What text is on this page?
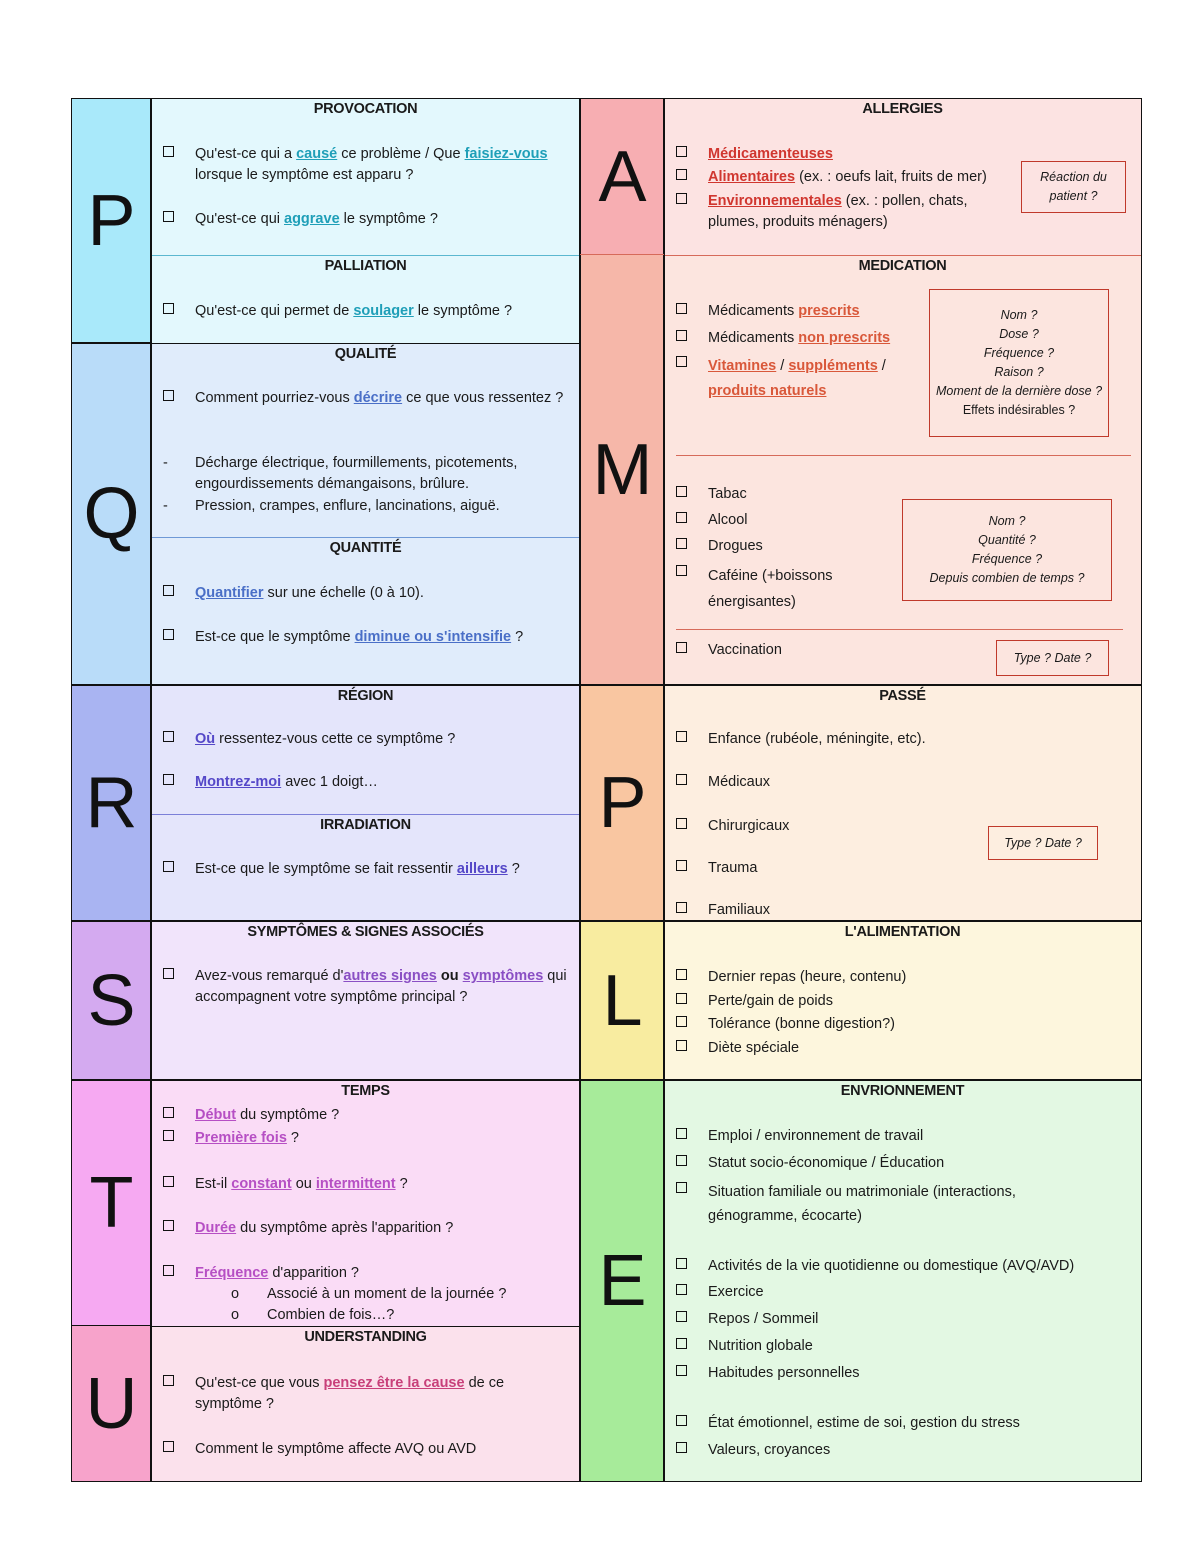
P
PROVOCATION
Qu'est-ce qui a causé ce problème / Que faisiez-vous lorsque le symptôme est apparu ?
Qu'est-ce qui aggrave le symptôme ?
PALLIATION
Qu'est-ce qui permet de soulager le symptôme ?
Q
QUALITÉ
Comment pourriez-vous décrire ce que vous ressentez ?
- Décharge électrique, fourmillements, picotements, engourdissements démangaisons, brûlure.
- Pression, crampes, enflure, lancinations, aiguë.
QUANTITÉ
Quantifier sur une échelle (0 à 10).
Est-ce que le symptôme diminue ou s'intensifie ?
R
RÉGION
Où ressentez-vous cette ce symptôme ?
Montrez-moi avec 1 doigt…
IRRADIATION
Est-ce que le symptôme se fait ressentir ailleurs ?
S
SYMPTÔMES & SIGNES ASSOCIÉS
Avez-vous remarqué d'autres signes ou symptômes qui accompagnent votre symptôme principal ?
T
TEMPS
Début du symptôme ?
Première fois ?
Est-il constant ou intermittent ?
Durée du symptôme après l'apparition ?
Fréquence d'apparition ?
o Associé à un moment de la journée ?
o Combien de fois…?
U
UNDERSTANDING
Qu'est-ce que vous pensez être la cause de ce symptôme ?
Comment le symptôme affecte AVQ ou AVD
A
ALLERGIES
Médicamenteuses
Alimentaires (ex. : oeufs lait, fruits de mer)
Environnementales (ex. : pollen, chats, plumes, produits ménagers)
Réaction du patient ?
M
MEDICATION
Médicaments prescrits
Médicaments non prescrits
Vitamines / suppléments / produits naturels
Nom ?
Dose ?
Fréquence ?
Raison ?
Moment de la dernière dose ?
Effets indésirables ?
Tabac
Alcool
Drogues
Caféine (+boissons énergisantes)
Nom ?
Quantité ?
Fréquence ?
Depuis combien de temps ?
Vaccination	Type ? Date ?
P
PASSÉ
Enfance (rubéole, méningite, etc).
Médicaux
Chirurgicaux
Trauma
Familiaux
Type ? Date ?
L
L'ALIMENTATION
Dernier repas (heure, contenu)
Perte/gain de poids
Tolérance (bonne digestion?)
Diète spéciale
E
ENVRIONNEMENT
Emploi / environnement de travail
Statut socio-économique / Éducation
Situation familiale ou matrimoniale (interactions, génogramme, écocarte)
Activités de la vie quotidienne ou domestique (AVQ/AVD)
Exercice
Repos / Sommeil
Nutrition globale
Habitudes personnelles
État émotionnel, estime de soi, gestion du stress
Valeurs, croyances
